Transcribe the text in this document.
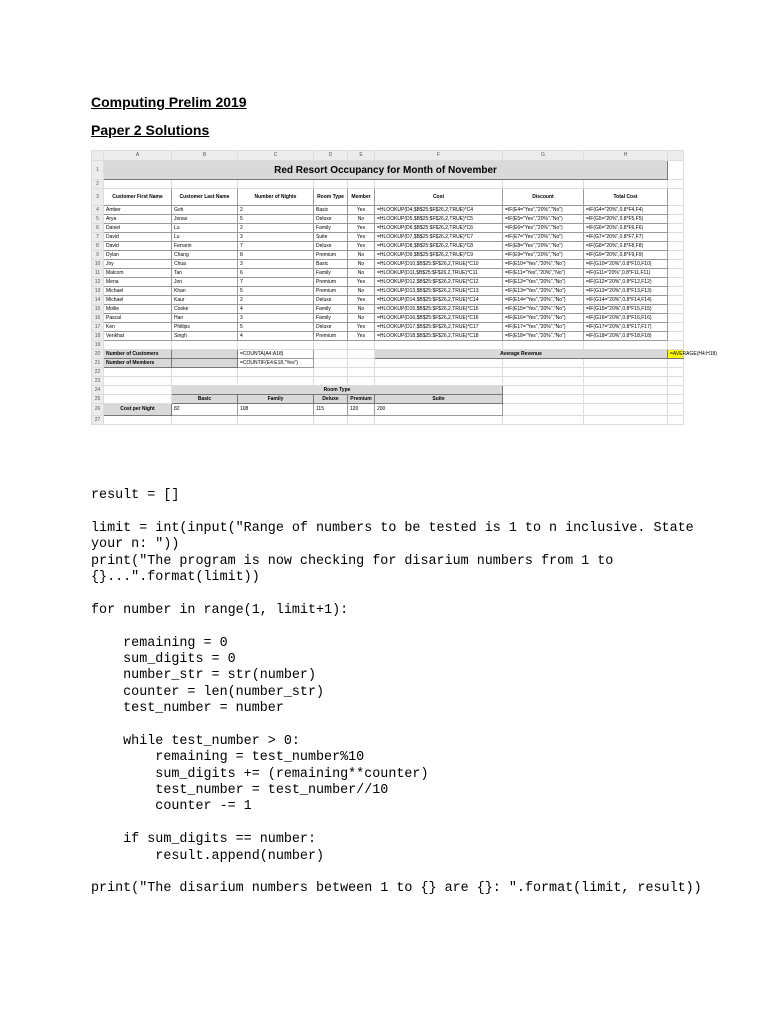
Computing Prelim 2019
Paper 2 Solutions
	A	B	C	D	E	F	G	H		
1	Red Resort Occupancy for Month of November									
2										
3	Customer First Name	Customer Last Name	Number of Nights	Room Type	Member	Cost	Discount	Total Cost		
4	Amber	Goh	2	Basic	Yes	=HLOOKUP(D4,$B$25:$F$26,2,TRUE)*C4	=IF(E4="Yes","20%","No")	=IF(G4="20%",0.8*F4,F4)		
5	Arya	Jonas	5	Deluxe	No	=HLOOKUP(D5,$B$25:$F$26,2,TRUE)*C5	=IF(E5="Yes","20%","No")	=IF(G5="20%",0.8*F5,F5)		
6	Daniel	Lu	2	Family	Yes	=HLOOKUP(D6,$B$25:$F$26,2,TRUE)*C6	=IF(E6="Yes","20%","No")	=IF(G6="20%",0.8*F6,F6)		
7	David	Lu	3	Suite	Yes	=HLOOKUP(D7,$B$25:$F$26,2,TRUE)*C7	=IF(E7="Yes","20%","No")	=IF(G7="20%",0.8*F7,F7)		
8	David	Ferrarin	7	Deluxe	Yes	=HLOOKUP(D8,$B$25:$F$26,2,TRUE)*C8	=IF(E8="Yes","20%","No")	=IF(G8="20%",0.8*F8,F8)		
9	Dylan	Chang	8	Premium	No	=HLOOKUP(D9,$B$25:$F$26,2,TRUE)*C9	=IF(E9="Yes","20%","No")	=IF(G9="20%",0.8*F9,F9)		
10	Joy	Chua	3	Basic	No	=HLOOKUP(D10,$B$25:$F$26,2,TRUE)*C10	=IF(E10="Yes","20%","No")	=IF(G10="20%",0.8*F10,F10)		
11	Malcom	Tan	6	Family	No	=HLOOKUP(D11,$B$25:$F$26,2,TRUE)*C11	=IF(E11="Yes","20%","No")	=IF(G11="20%",0.8*F11,F11)		
12	Mena	Jon	7	Premium	Yes	=HLOOKUP(D12,$B$25:$F$26,2,TRUE)*C12	=IF(E12="Yes","20%","No")	=IF(G12="20%",0.8*F12,F12)		
13	Michael	Khan	5	Premium	No	=HLOOKUP(D13,$B$25:$F$26,2,TRUE)*C13	=IF(E13="Yes","20%","No")	=IF(G13="20%",0.8*F13,F13)		
14	Michael	Kaur	2	Deluxe	Yes	=HLOOKUP(D14,$B$25:$F$26,2,TRUE)*C14	=IF(E14="Yes","20%","No")	=IF(G14="20%",0.8*F14,F14)		
15	Mollie	Cooke	4	Family	No	=HLOOKUP(D15,$B$25:$F$26,2,TRUE)*C15	=IF(E15="Yes","20%","No")	=IF(G15="20%",0.8*F15,F15)		
16	Pascal	Han	3	Family	No	=HLOOKUP(D16,$B$25:$F$26,2,TRUE)*C16	=IF(E16="Yes","20%","No")	=IF(G16="20%",0.8*F16,F16)		
17	Ken	Phillips	5	Deluxe	Yes	=HLOOKUP(D17,$B$25:$F$26,2,TRUE)*C17	=IF(E17="Yes","20%","No")	=IF(G17="20%",0.8*F17,F17)		
18	Venkhat	Singh	4	Premium	Yes	=HLOOKUP(D18,$B$25:$F$26,2,TRUE)*C18	=IF(E18="Yes","20%","No")	=IF(G18="20%",0.8*F18,F18)		
19										
20	Number of Customers		=COUNTA(A4:A18)			Average Revenue			=AVERAGE(H4:H18)	
21	Number of Members		=COUNTIF(E4:E18,"Yes")							
22										
23										
24		Room Type								
25		Basic	Family	Deluxe	Premium	Suite				
26	Cost per Night	82	108	115	120	200				
27										
result = []
limit = int(input("Range of numbers to be tested is 1 to n inclusive. State
your n: "))
print("The program is now checking for disarium numbers from 1 to
{}...".format(limit))
for number in range(1, limit+1):
remaining = 0
sum_digits = 0
number_str = str(number)
counter = len(number_str)
test_number = number
while test_number > 0:
remaining = test_number%10
sum_digits += (remaining**counter)
test_number = test_number//10
counter -= 1
if sum_digits == number:
result.append(number)
print("The disarium numbers between 1 to {} are {}: ".format(limit, result))
